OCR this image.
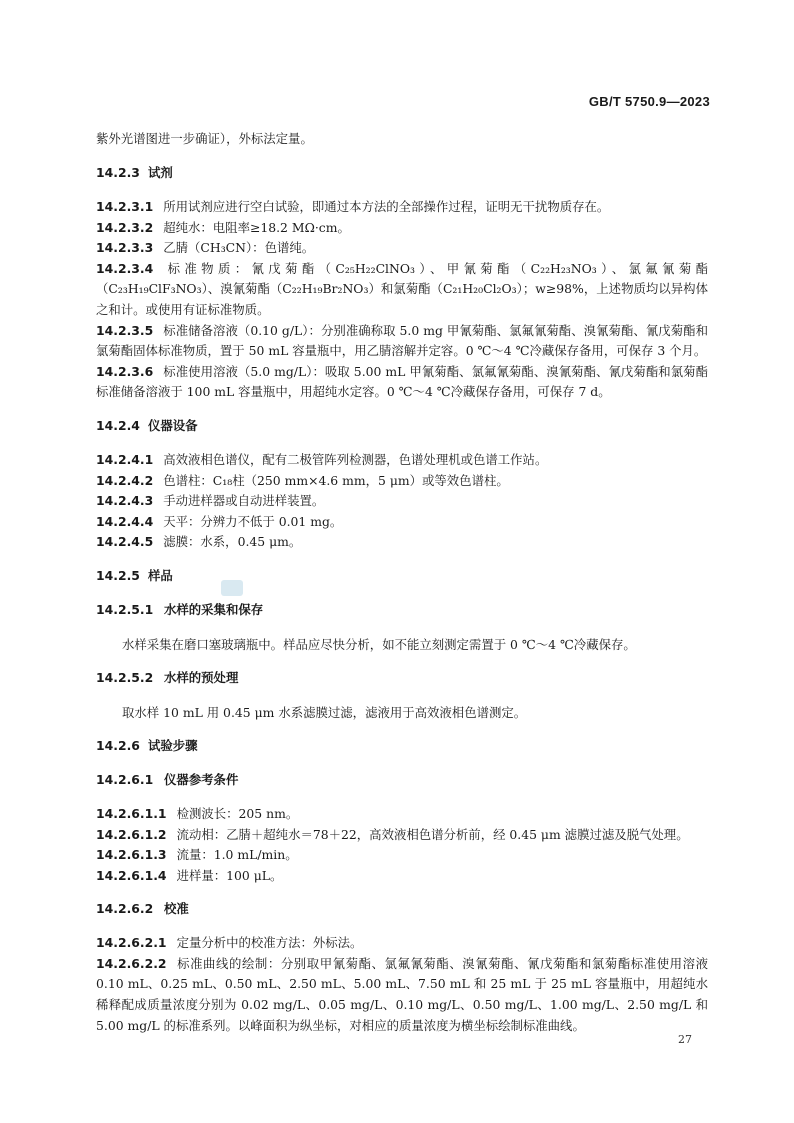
GB/T 5750.9—2023

紫外光谱图进一步确证），外标法定量。

14.2.3 试剂

14.2.3.1 所用试剂应进行空白试验，即通过本方法的全部操作过程，证明无干扰物质存在。

14.2.3.2 超纯水：电阻率≥18.2 MΩ·cm。

14.2.3.3 乙腈（CH₃CN）：色谱纯。

14.2.3.4 标准物质：氰戊菊酯（C₂₅H₂₂ClNO₃）、甲氰菊酯（C₂₂H₂₃NO₃）、氯氟氰菊酯（C₂₃H₁₉ClF₃NO₃）、溴氰菊酯（C₂₂H₁₉Br₂NO₃）和氯菊酯（C₂₁H₂₀Cl₂O₃）；w≥98%，上述物质均以异构体之和计。或使用有证标准物质。

14.2.3.5 标准储备溶液（0.10 g/L）：分别准确称取 5.0 mg 甲氰菊酯、氯氟氰菊酯、溴氰菊酯、氰戊菊酯和氯菊酯固体标准物质，置于 50 mL 容量瓶中，用乙腈溶解并定容。0 ℃～4 ℃冷藏保存备用，可保存 3 个月。

14.2.3.6 标准使用溶液（5.0 mg/L）：吸取 5.00 mL 甲氰菊酯、氯氟氰菊酯、溴氰菊酯、氰戊菊酯和氯菊酯标准储备溶液于 100 mL 容量瓶中，用超纯水定容。0 ℃～4 ℃冷藏保存备用，可保存 7 d。

14.2.4 仪器设备

14.2.4.1 高效液相色谱仪，配有二极管阵列检测器，色谱处理机或色谱工作站。

14.2.4.2 色谱柱：C₁₈柱（250 mm×4.6 mm，5 μm）或等效色谱柱。

14.2.4.3 手动进样器或自动进样装置。

14.2.4.4 天平：分辨力不低于 0.01 mg。

14.2.4.5 滤膜：水系，0.45 μm。

14.2.5 样品
14.2.5.1 水样的采集和保存

水样采集在磨口塞玻璃瓶中。样品应尽快分析，如不能立刻测定需置于 0 ℃～4 ℃冷藏保存。

14.2.5.2 水样的预处理

取水样 10 mL 用 0.45 μm 水系滤膜过滤，滤液用于高效液相色谱测定。

14.2.6 试验步骤
14.2.6.1 仪器参考条件

14.2.6.1.1 检测波长：205 nm。

14.2.6.1.2 流动相：乙腈＋超纯水＝78＋22，高效液相色谱分析前，经 0.45 μm 滤膜过滤及脱气处理。

14.2.6.1.3 流量：1.0 mL/min。

14.2.6.1.4 进样量：100 μL。

14.2.6.2 校准

14.2.6.2.1 定量分析中的校准方法：外标法。

14.2.6.2.2 标准曲线的绘制：分别取甲氰菊酯、氯氟氰菊酯、溴氰菊酯、氰戊菊酯和氯菊酯标准使用溶液 0.10 mL、0.25 mL、0.50 mL、2.50 mL、5.00 mL、7.50 mL 和 25 mL 于 25 mL 容量瓶中，用超纯水稀释配成质量浓度分别为 0.02 mg/L、0.05 mg/L、0.10 mg/L、0.50 mg/L、1.00 mg/L、2.50 mg/L 和 5.00 mg/L 的标准系列。以峰面积为纵坐标，对相应的质量浓度为横坐标绘制标准曲线。

27
